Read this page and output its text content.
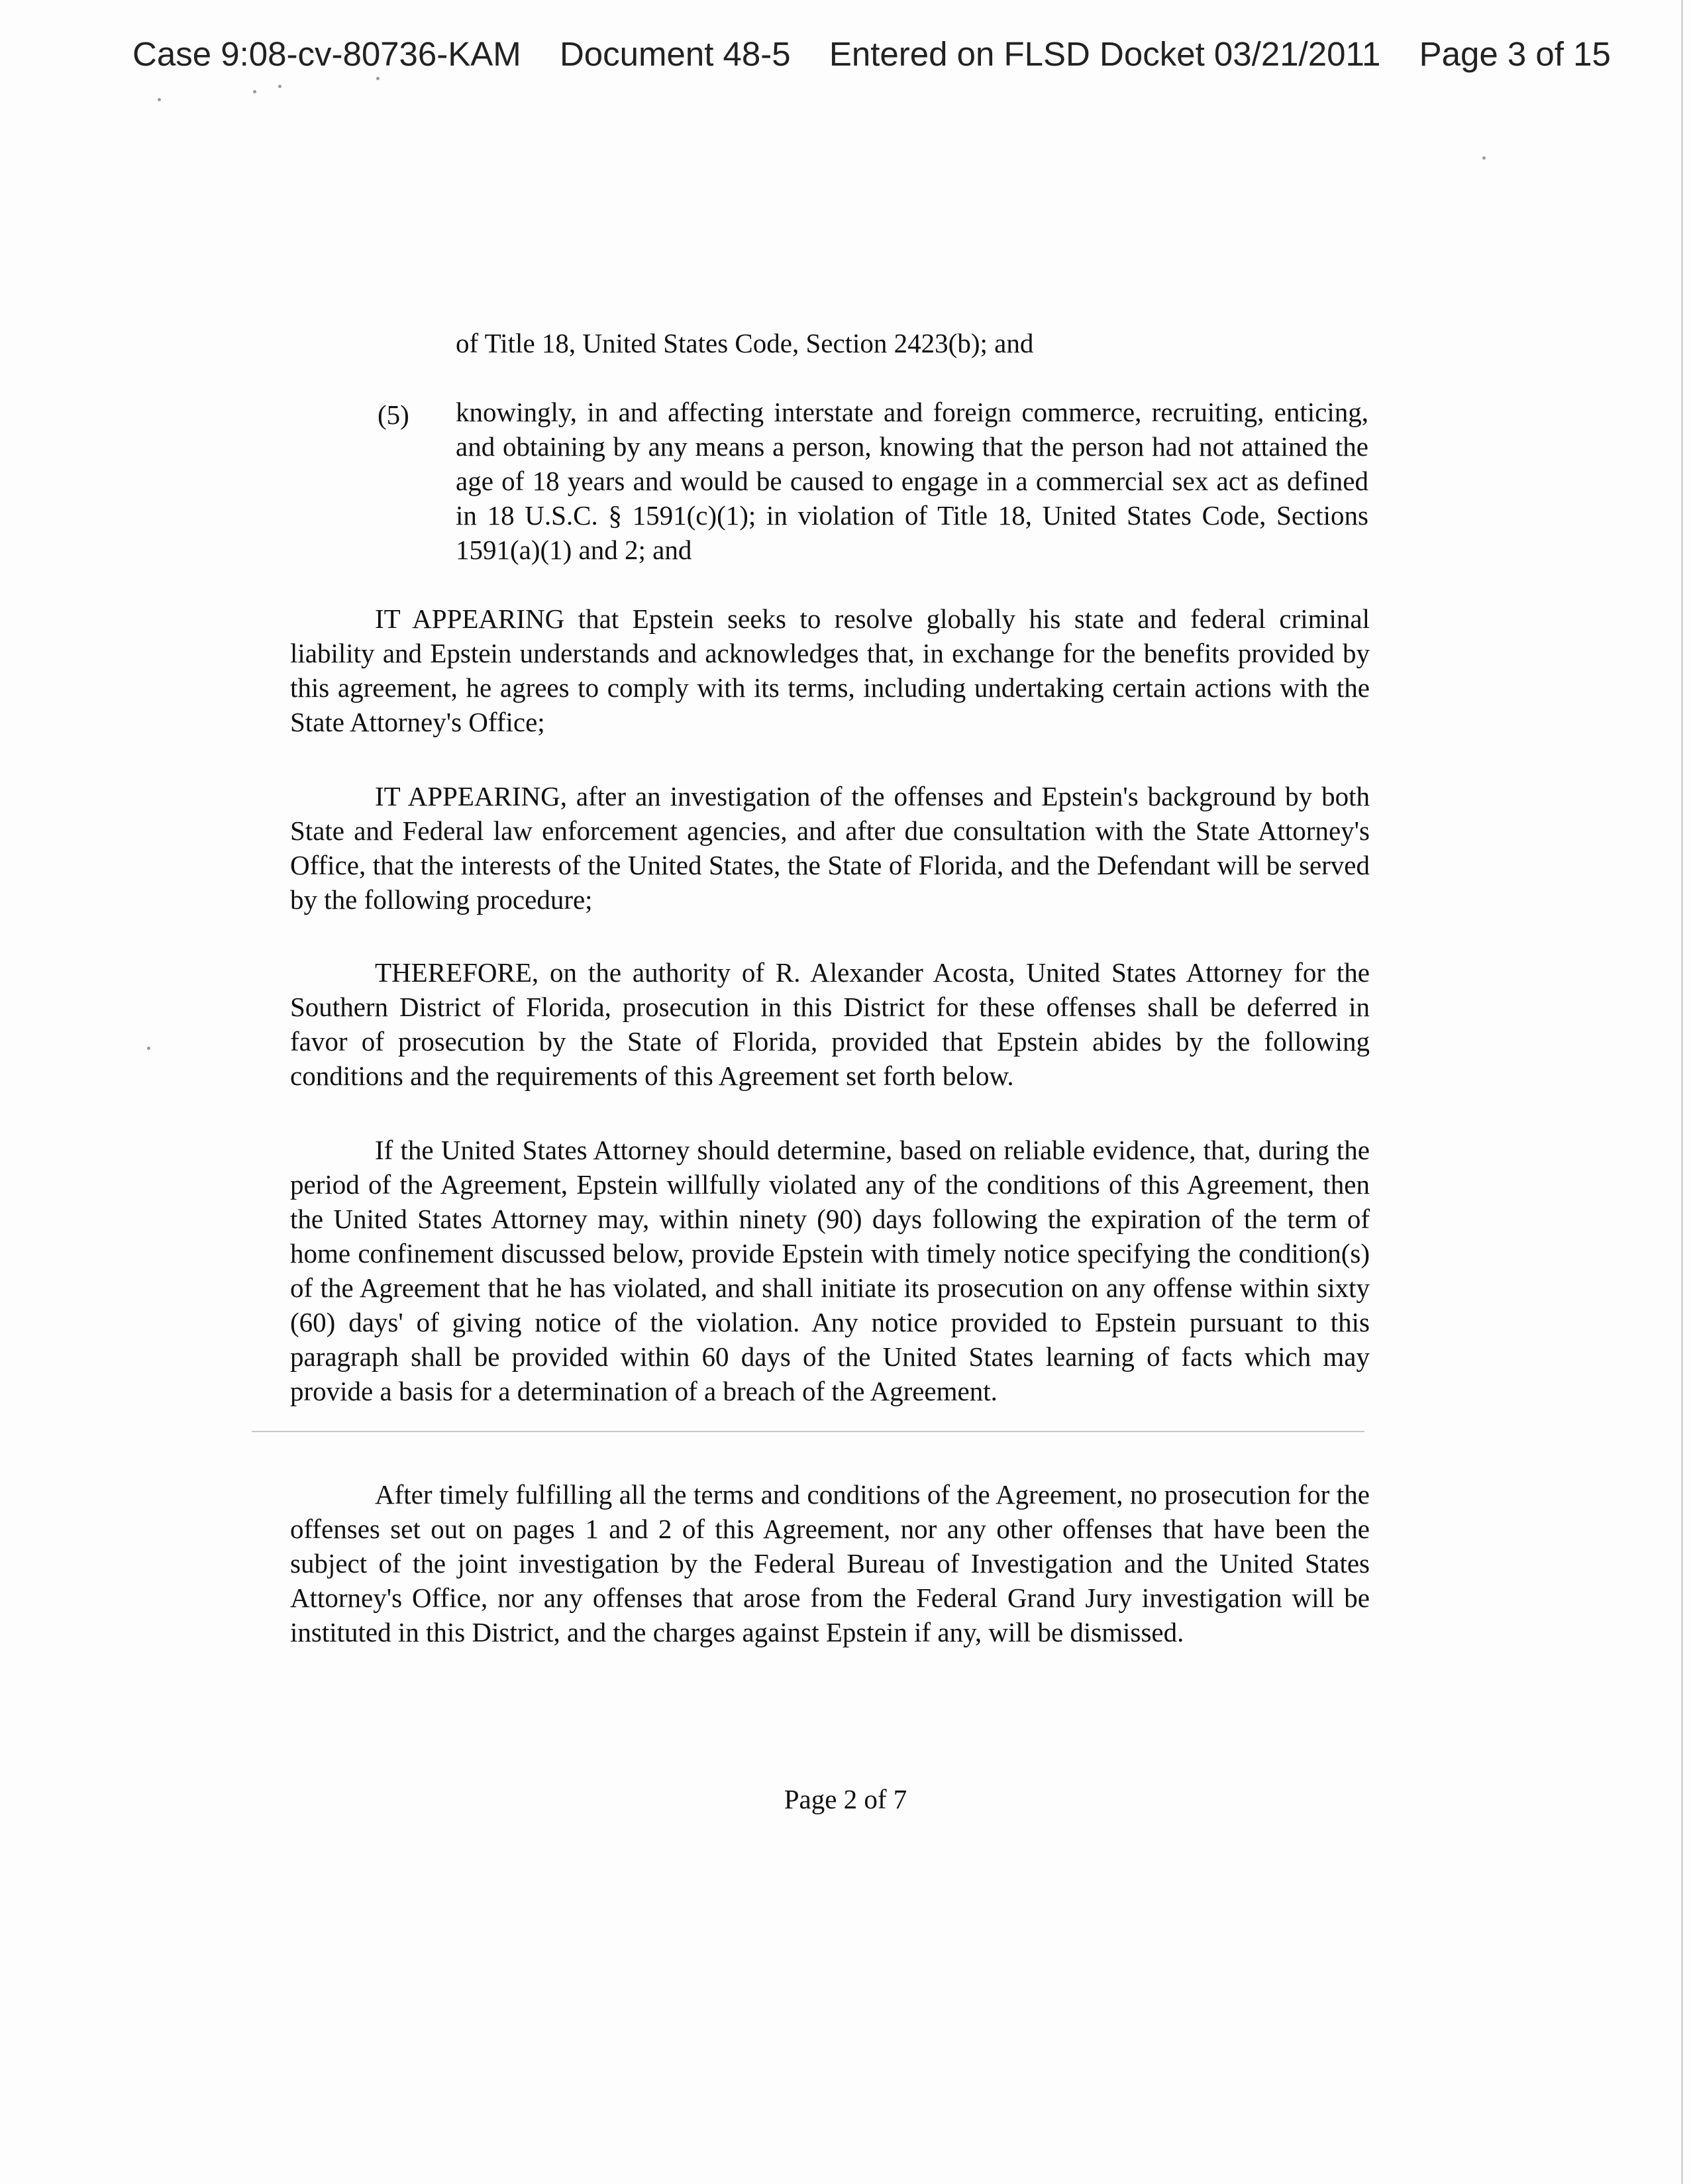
Case 9:08-cv-80736-KAM Document 48-5 Entered on FLSD Docket 03/21/2011 Page 3 of 15
of Title 18, United States Code, Section 2423(b); and
(5)	knowingly, in and affecting interstate and foreign commerce, recruiting, enticing, and obtaining by any means a person, knowing that the person had not attained the age of 18 years and would be caused to engage in a commercial sex act as defined in 18 U.S.C. § 1591(c)(1); in violation of Title 18, United States Code, Sections 1591(a)(1) and 2; and
IT APPEARING that Epstein seeks to resolve globally his state and federal criminal liability and Epstein understands and acknowledges that, in exchange for the benefits provided by this agreement, he agrees to comply with its terms, including undertaking certain actions with the State Attorney's Office;
IT APPEARING, after an investigation of the offenses and Epstein's background by both State and Federal law enforcement agencies, and after due consultation with the State Attorney's Office, that the interests of the United States, the State of Florida, and the Defendant will be served by the following procedure;
THEREFORE, on the authority of R. Alexander Acosta, United States Attorney for the Southern District of Florida, prosecution in this District for these offenses shall be deferred in favor of prosecution by the State of Florida, provided that Epstein abides by the following conditions and the requirements of this Agreement set forth below.
If the United States Attorney should determine, based on reliable evidence, that, during the period of the Agreement, Epstein willfully violated any of the conditions of this Agreement, then the United States Attorney may, within ninety (90) days following the expiration of the term of home confinement discussed below, provide Epstein with timely notice specifying the condition(s) of the Agreement that he has violated, and shall initiate its prosecution on any offense within sixty (60) days' of giving notice of the violation. Any notice provided to Epstein pursuant to this paragraph shall be provided within 60 days of the United States learning of facts which may provide a basis for a determination of a breach of the Agreement.
After timely fulfilling all the terms and conditions of the Agreement, no prosecution for the offenses set out on pages 1 and 2 of this Agreement, nor any other offenses that have been the subject of the joint investigation by the Federal Bureau of Investigation and the United States Attorney's Office, nor any offenses that arose from the Federal Grand Jury investigation will be instituted in this District, and the charges against Epstein if any, will be dismissed.
Page 2 of 7
